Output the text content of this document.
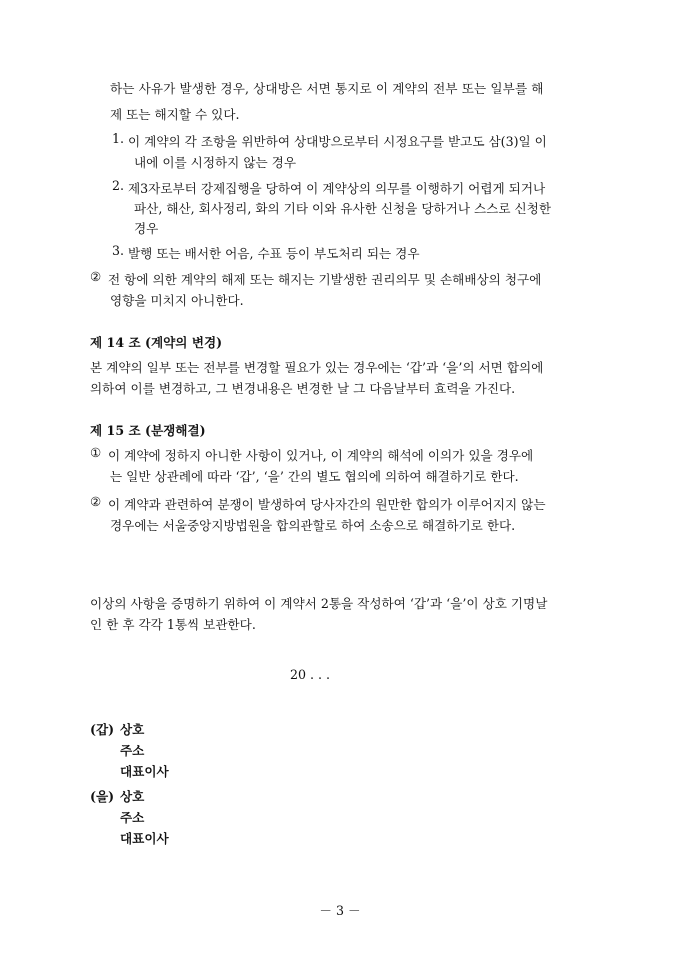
하는 사유가 발생한 경우, 상대방은 서면 통지로 이 계약의 전부 또는 일부를 해
제 또는 해지할 수 있다.
1. 이 계약의 각 조항을 위반하여 상대방으로부터 시정요구를 받고도 삼(3)일 이
내에 이를 시정하지 않는 경우
2. 제3자로부터 강제집행을 당하여 이 계약상의 의무를 이행하기 어렵게 되거나
파산, 해산, 회사정리, 화의 기타 이와 유사한 신청을 당하거나 스스로 신청한
경우
3. 발행 또는 배서한 어음, 수표 등이 부도처리 되는 경우
② 전 항에 의한 계약의 해제 또는 해지는 기발생한 권리의무 및 손해배상의 청구에
영향을 미치지 아니한다.
제 14 조 (계약의 변경)
본 계약의 일부 또는 전부를 변경할 필요가 있는 경우에는 ‘갑’과 ‘을’의 서면 합의에
의하여 이를 변경하고, 그 변경내용은 변경한 날 그 다음날부터 효력을 가진다.
제 15 조 (분쟁해결)
① 이 계약에 정하지 아니한 사항이 있거나, 이 계약의 해석에 이의가 있을 경우에
는 일반 상관례에 따라 ‘갑’, ‘을’ 간의 별도 협의에 의하여 해결하기로 한다.
② 이 계약과 관련하여 분쟁이 발생하여 당사자간의 원만한 합의가 이루어지지 않는
경우에는 서울중앙지방법원을 합의관할로 하여 소송으로 해결하기로 한다.
이상의 사항을 증명하기 위하여 이 계약서 2통을 작성하여 ‘갑’과 ‘을’이 상호 기명날
인 한 후 각각 1통씩 보관한다.
20 . . .
(갑) 상호
주소
대표이사
(을) 상호
주소
대표이사
－ 3 －
